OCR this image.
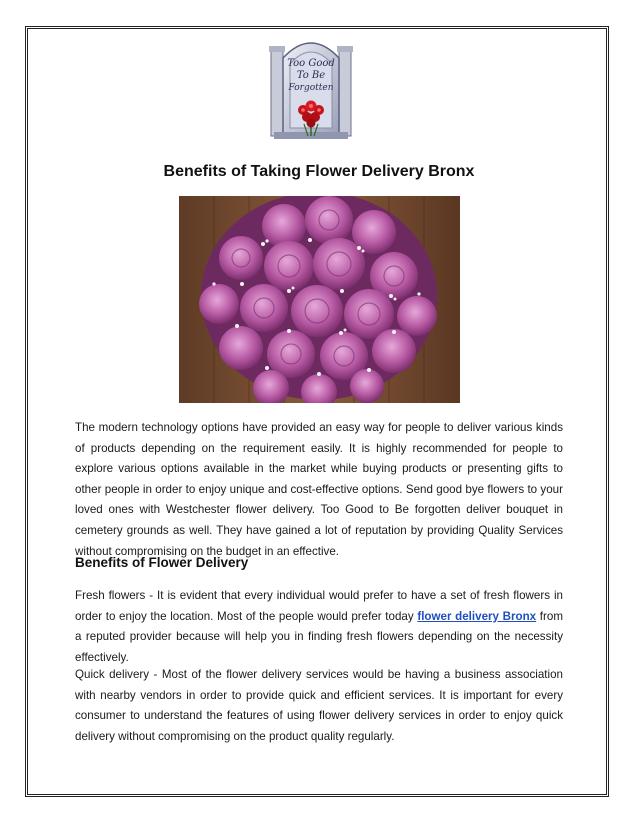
Too Good
To Be
Forgotten
Benefits of Taking Flower Delivery Bronx

The modern technology options have provided an easy way for people to deliver various kinds of products depending on the requirement easily. It is highly recommended for people to explore various options available in the market while buying products or presenting gifts to other people in order to enjoy unique and cost-effective options. Send good bye flowers to your loved ones with Westchester flower delivery. Too Good to Be forgotten deliver bouquet in cemetery grounds as well. They have gained a lot of reputation by providing Quality Services without compromising on the budget in an effective.

Benefits of Flower Delivery

Fresh flowers - It is evident that every individual would prefer to have a set of fresh flowers in order to enjoy the location. Most of the people would prefer today flower delivery Bronx from a reputed provider because will help you in finding fresh flowers depending on the necessity effectively.

Quick delivery - Most of the flower delivery services would be having a business association with nearby vendors in order to provide quick and efficient services. It is important for every consumer to understand the features of using flower delivery services in order to enjoy quick delivery without compromising on the product quality regularly.
